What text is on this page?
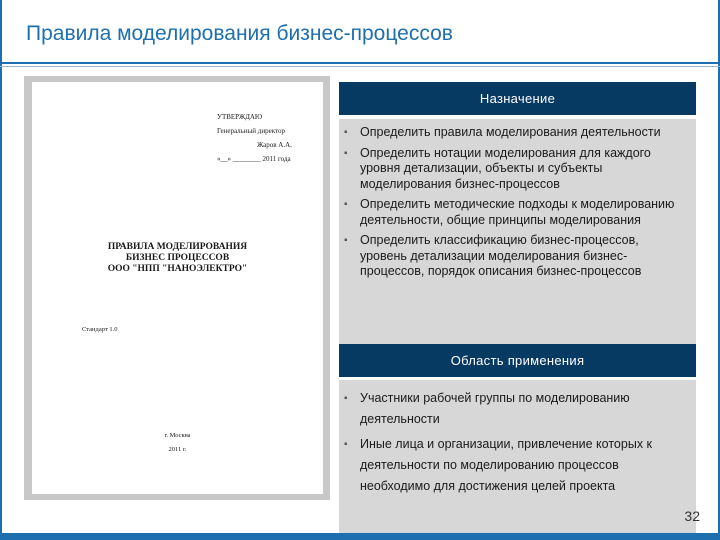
Правила моделирования бизнес-процессов
УТВЕРЖДАЮ
Генеральный директор
Жаров А.А.
«__» ________ 2011 года
ПРАВИЛА МОДЕЛИРОВАНИЯ
БИЗНЕС ПРОЦЕССОВ
ООО "НПП "НАНОЭЛЕКТРО"
Стандарт 1.0
г. Москва
2011 г.
Назначение
▪ Определить правила моделирования деятельности
▪ Определить нотации моделирования для каждого уровня детализации, объекты и субъекты моделирования бизнес-процессов
▪ Определить методические подходы к моделированию деятельности, общие принципы моделирования
▪ Определить классификацию бизнес-процессов, уровень детализации моделирования бизнес-процессов, порядок описания бизнес-процессов
Область применения
▪ Участники рабочей группы по моделированию деятельности
▪ Иные лица и организации, привлечение которых к деятельности по моделированию процессов необходимо для достижения целей проекта
32
